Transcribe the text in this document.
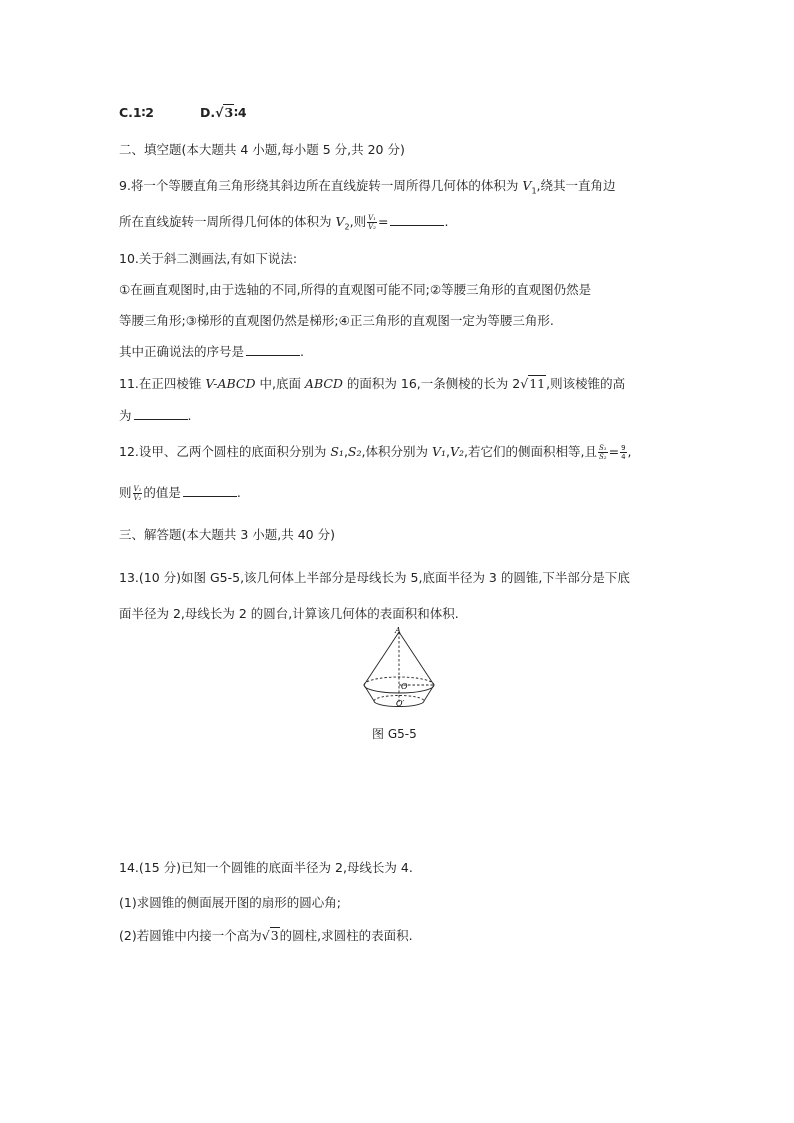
C.1∶2	D.√3∶4
二、填空题(本大题共 4 小题,每小题 5 分,共 20 分)
9.将一个等腰直角三角形绕其斜边所在直线旋转一周所得几何体的体积为 $V_1$,绕其一直角边
所在直线旋转一周所得几何体的体积为 $V_2$,则 $\frac{\text{V₁}}{\text{V₂}}$ =	.
10.关于斜二测画法,有如下说法:
①在画直观图时,由于选轴的不同,所得的直观图可能不同;②等腰三角形的直观图仍然是
等腰三角形;③梯形的直观图仍然是梯形;④正三角形的直观图一定为等腰三角形.
其中正确说法的序号是	.
11.在正四棱锥 V-ABCD 中,底面 ABCD 的面积为 16,一条侧棱的长为 2√11,则该棱锥的高
为	.
12.设甲、乙两个圆柱的底面积分别为 S₁,S₂,体积分别为 V₁,V₂,若它们的侧面积相等,且 $\frac{\text{S₁}}{\text{S₂}} = \frac{9}{4}$ ,
则 $\frac{\text{V₁}}{\text{V₂}}$ 的值是	.
三、解答题(本大题共 3 小题,共 40 分)
13.(10 分)如图 G5-5,该几何体上半部分是母线长为 5,底面半径为 3 的圆锥,下半部分是下底
面半径为 2,母线长为 2 的圆台,计算该几何体的表面积和体积.
A
O
O′
图 G5-5
14.(15 分)已知一个圆锥的底面半径为 2,母线长为 4.
(1)求圆锥的侧面展开图的扇形的圆心角;
(2)若圆锥中内接一个高为√3的圆柱,求圆柱的表面积.
